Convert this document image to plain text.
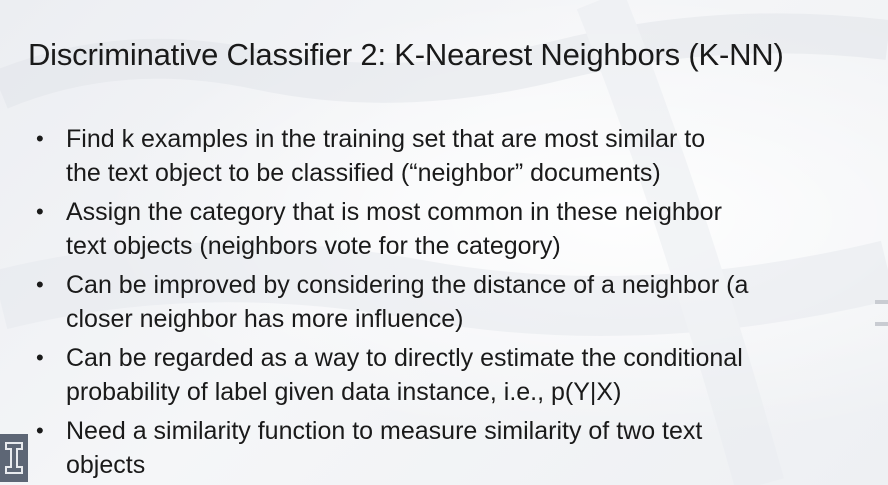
Discriminative Classifier 2: K-Nearest Neighbors (K-NN)
• Find k examples in the training set that are most similar to
the text object to be classified (“neighbor” documents)
• Assign the category that is most common in these neighbor
text objects (neighbors vote for the category)
• Can be improved by considering the distance of a neighbor (a
closer neighbor has more influence)
• Can be regarded as a way to directly estimate the conditional
probability of label given data instance, i.e., p(Y|X)
• Need a similarity function to measure similarity of two text
objects
